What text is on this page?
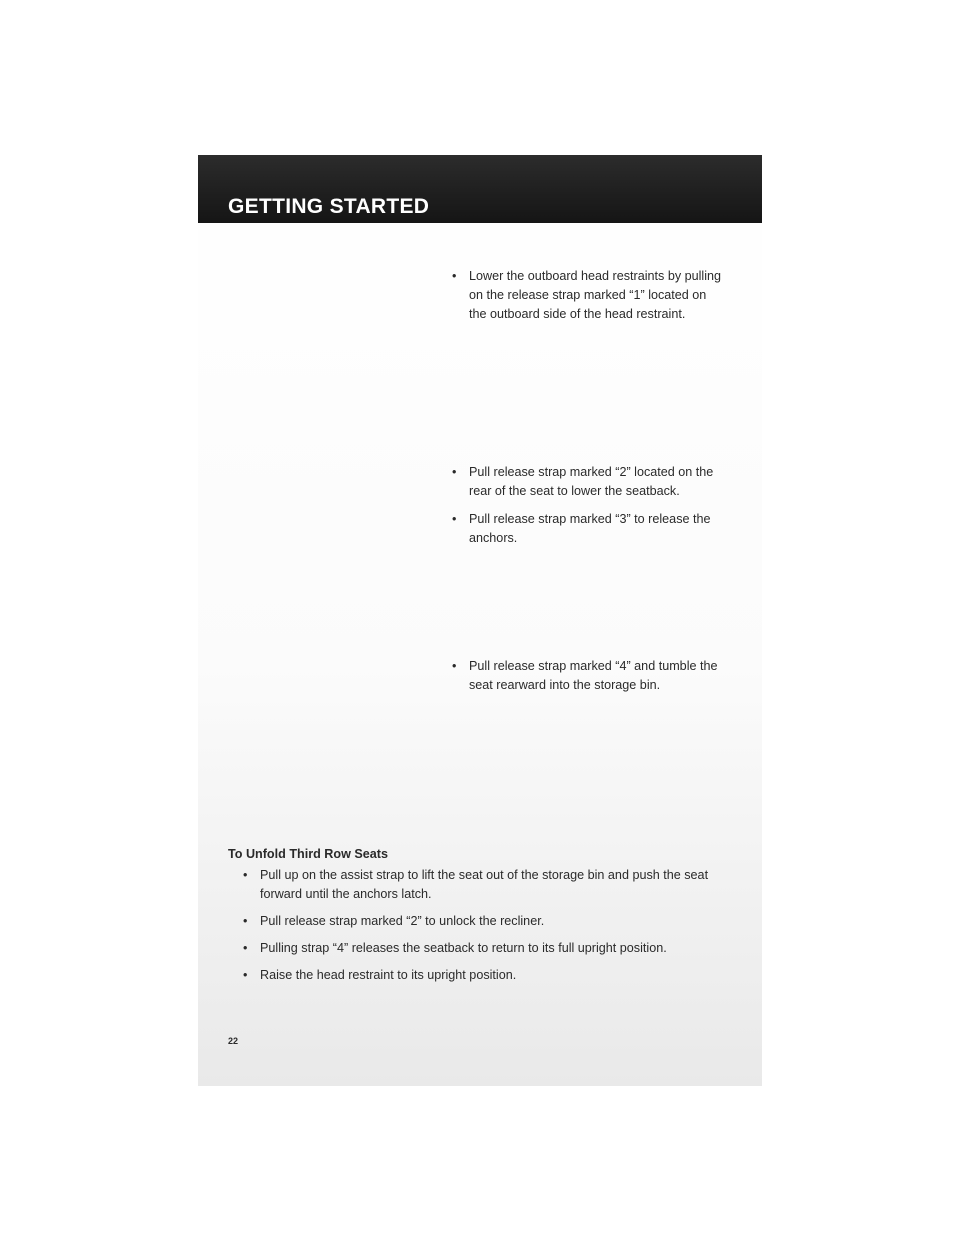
GETTING STARTED
• Lower the outboard head restraints by pulling on the release strap marked “1” located on the outboard side of the head restraint.
• Pull release strap marked “2” located on the rear of the seat to lower the seatback.
• Pull release strap marked “3” to release the anchors.
• Pull release strap marked “4” and tumble the seat rearward into the storage bin.
To Unfold Third Row Seats
• Pull up on the assist strap to lift the seat out of the storage bin and push the seat forward until the anchors latch.
• Pull release strap marked “2” to unlock the recliner.
• Pulling strap “4” releases the seatback to return to its full upright position.
• Raise the head restraint to its upright position.
22
